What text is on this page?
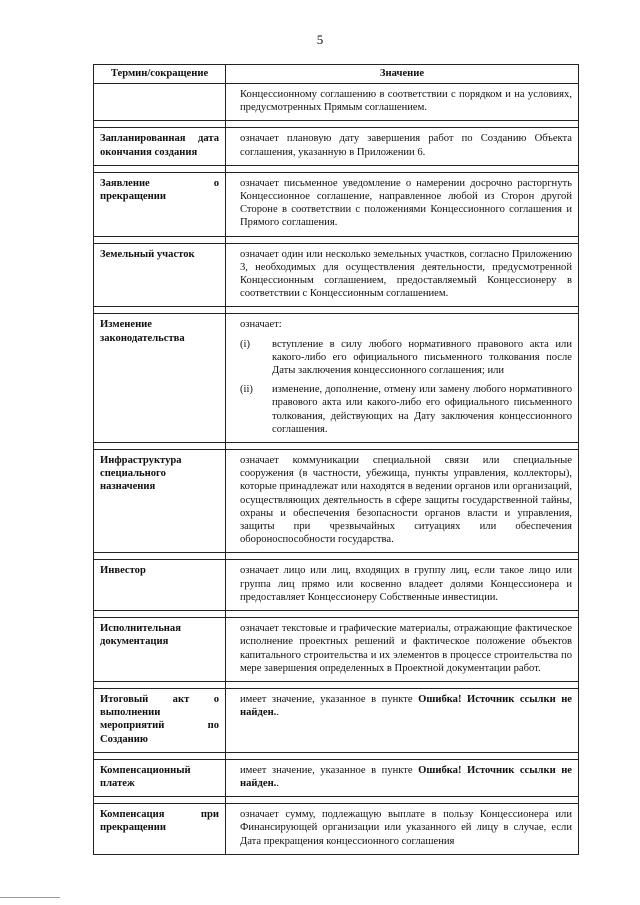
5
Термин/сокращение	Значение
	Концессионному соглашению в соответствии с порядком и на условиях, предусмотренных Прямым соглашением.

Запланированная дата окончания создания	означает плановую дату завершения работ по Созданию Объекта соглашения, указанную в Приложении 6.

Заявление о прекращении	означает письменное уведомление о намерении досрочно расторгнуть Концессионное соглашение, направленное любой из Сторон другой Стороне в соответствии с положениями Концессионного соглашения и Прямого соглашения.

Земельный участок	означает один или несколько земельных участков, согласно Приложению 3, необходимых для осуществления деятельности, предусмотренной Концессионным соглашением, предоставляемый Концессионеру в соответствии с Концессионным соглашением.

Изменение законодательства	означает:
(i) вступление в силу любого нормативного правового акта или какого-либо его официального письменного толкования после Даты заключения концессионного соглашения; или
(ii) изменение, дополнение, отмену или замену любого нормативного правового акта или какого-либо его официального письменного толкования, действующих на Дату заключения концессионного соглашения.

Инфраструктура специального назначения	означает коммуникации специальной связи или специальные сооружения (в частности, убежища, пункты управления, коллекторы), которые принадлежат или находятся в ведении органов или организаций, осуществляющих деятельность в сфере защиты государственной тайны, охраны и обеспечения безопасности органов власти и управления, защиты при чрезвычайных ситуациях или обеспечения обороноспособности государства.

Инвестор	означает лицо или лиц, входящих в группу лиц, если такое лицо или группа лиц прямо или косвенно владеет долями Концессионера и предоставляет Концессионеру Собственные инвестиции.

Исполнительная документация	означает текстовые и графические материалы, отражающие фактическое исполнение проектных решений и фактическое положение объектов капитального строительства и их элементов в процессе строительства по мере завершения определенных в Проектной документации работ.

Итоговый акт о выполнении мероприятий по Созданию	имеет значение, указанное в пункте Ошибка! Источник ссылки не найден..

Компенсационный платеж	имеет значение, указанное в пункте Ошибка! Источник ссылки не найден..

Компенсация при прекращении	означает сумму, подлежащую выплате в пользу Концессионера или Финансирующей организации или указанного ей лицу в случае, если Дата прекращения концессионного соглашения
